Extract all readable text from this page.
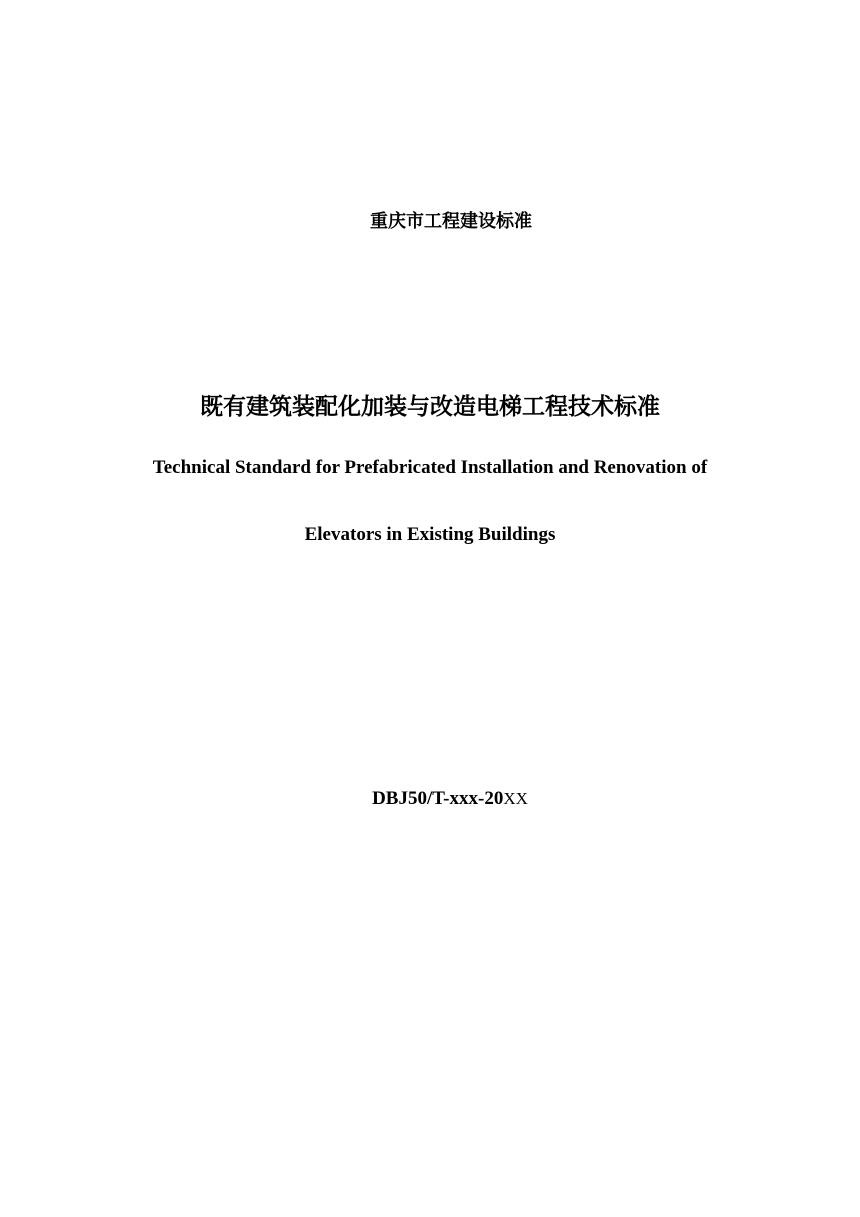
重庆市工程建设标准
既有建筑装配化加装与改造电梯工程技术标准
Technical Standard for Prefabricated Installation and Renovation of
Elevators in Existing Buildings
DBJ50/T-xxx-20XX
